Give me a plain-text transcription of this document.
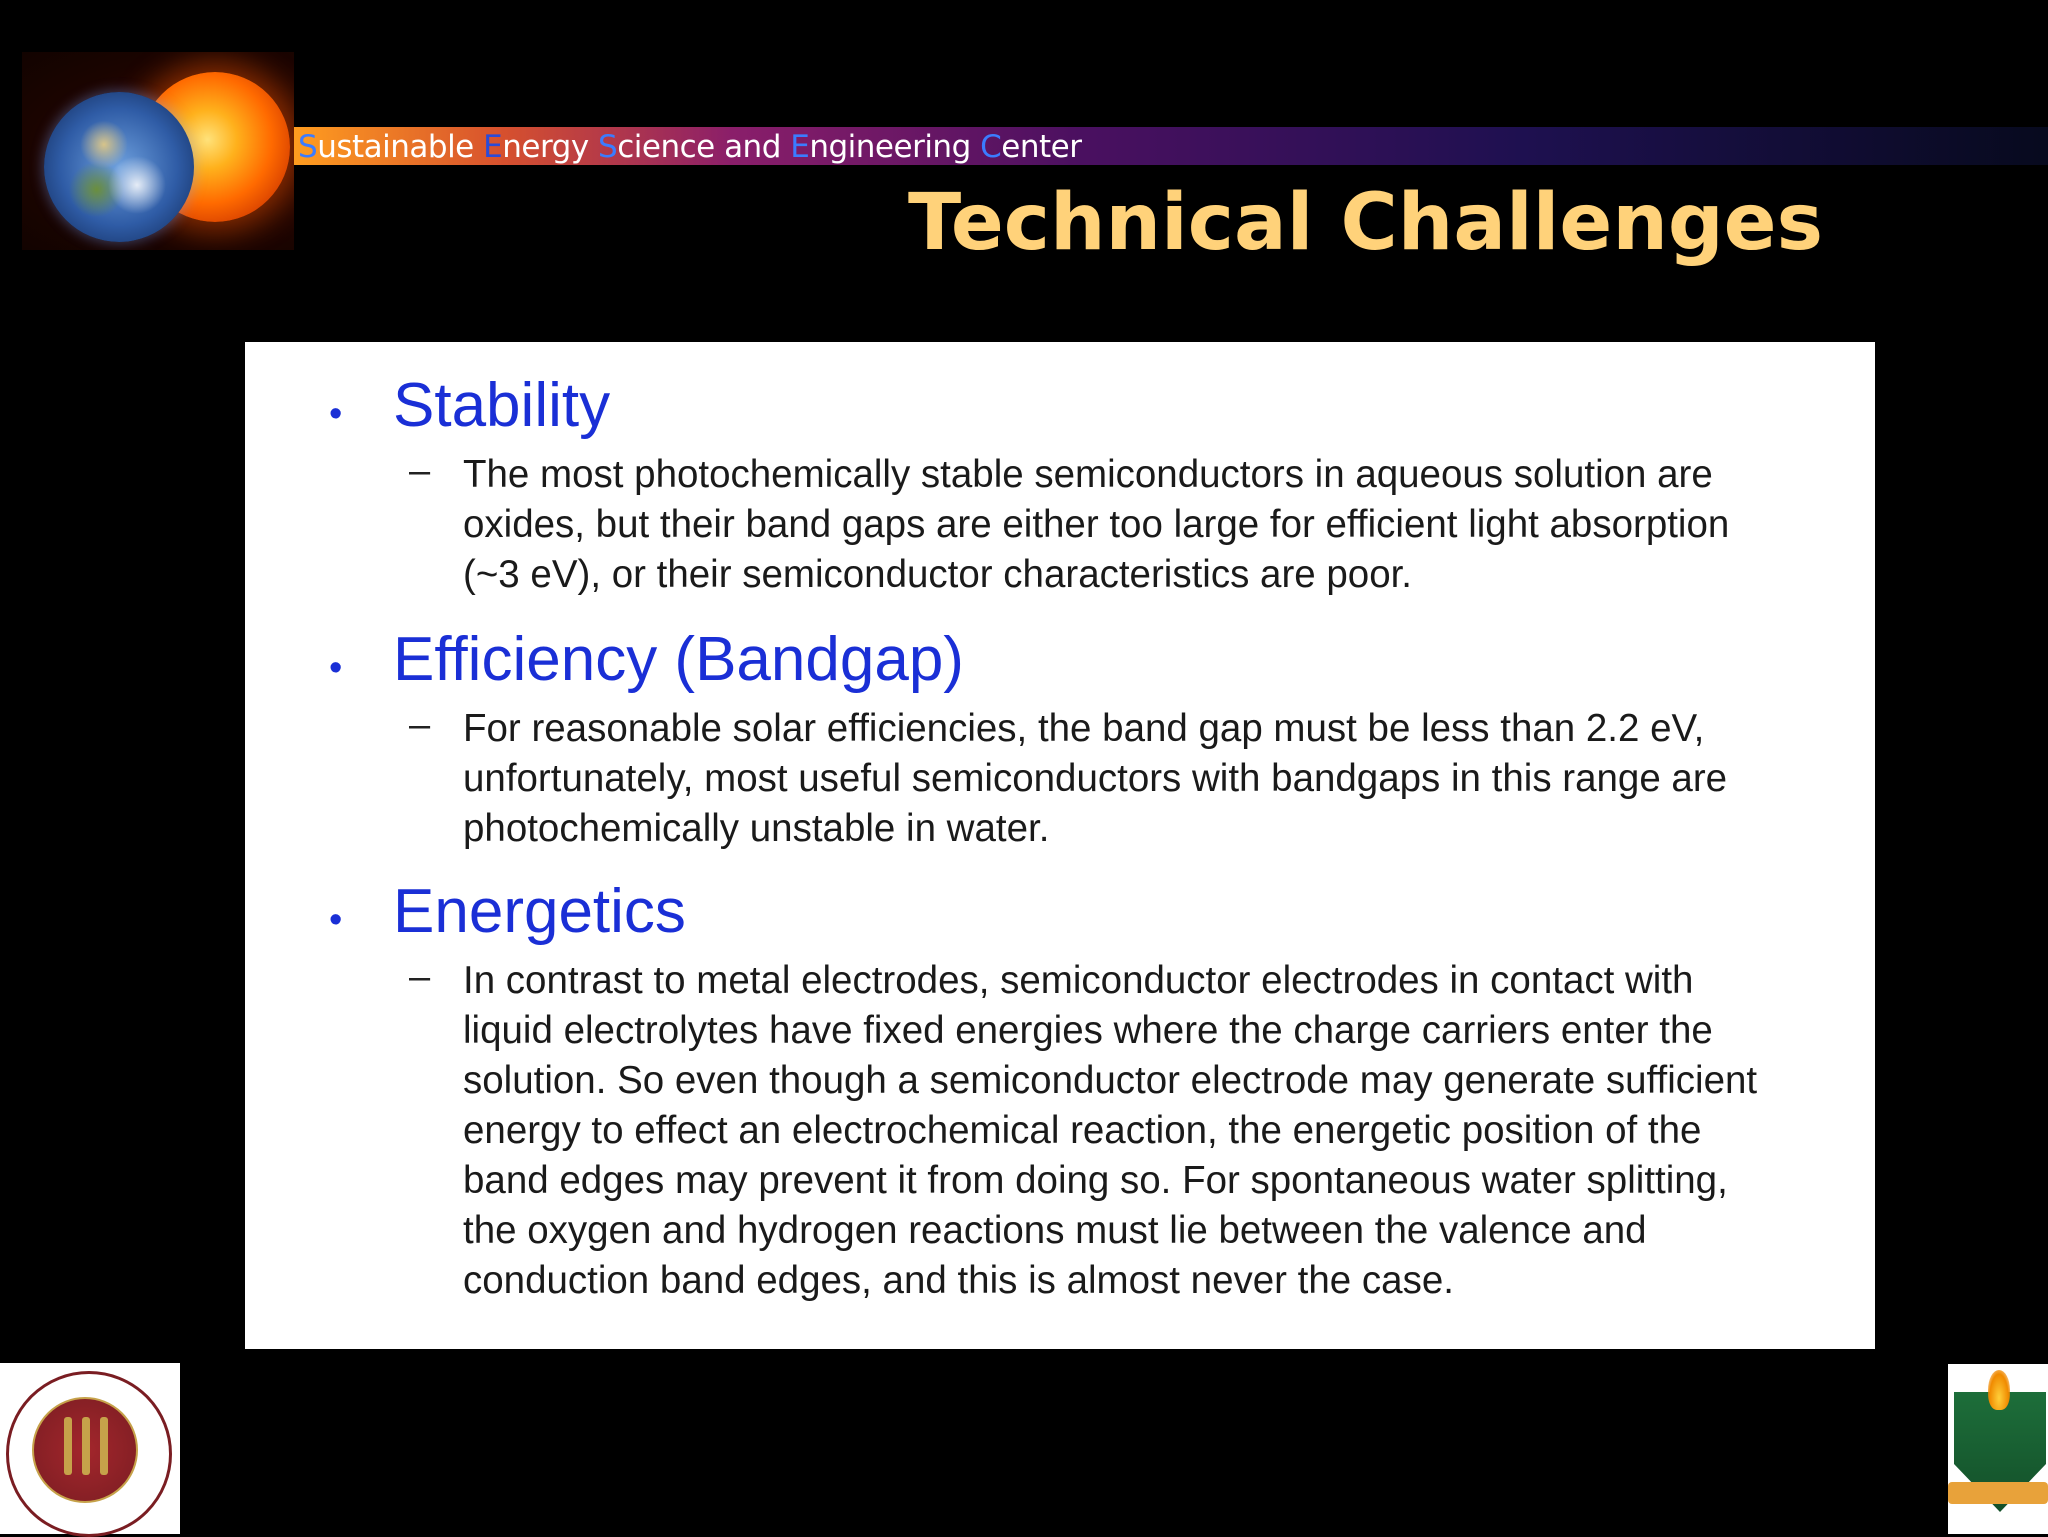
Sustainable Energy Science and Engineering Center
Technical Challenges
• Stability
– The most photochemically stable semiconductors in aqueous solution are
oxides, but their band gaps are either too large for efficient light absorption
(~3 eV), or their semiconductor characteristics are poor.
• Efficiency (Bandgap)
– For reasonable solar efficiencies, the band gap must be less than 2.2 eV,
unfortunately, most useful semiconductors with bandgaps in this range are
photochemically unstable in water.
• Energetics
– In contrast to metal electrodes, semiconductor electrodes in contact with
liquid electrolytes have fixed energies where the charge carriers enter the
solution. So even though a semiconductor electrode may generate sufficient
energy to effect an electrochemical reaction, the energetic position of the
band edges may prevent it from doing so. For spontaneous water splitting,
the oxygen and hydrogen reactions must lie between the valence and
conduction band edges, and this is almost never the case.
